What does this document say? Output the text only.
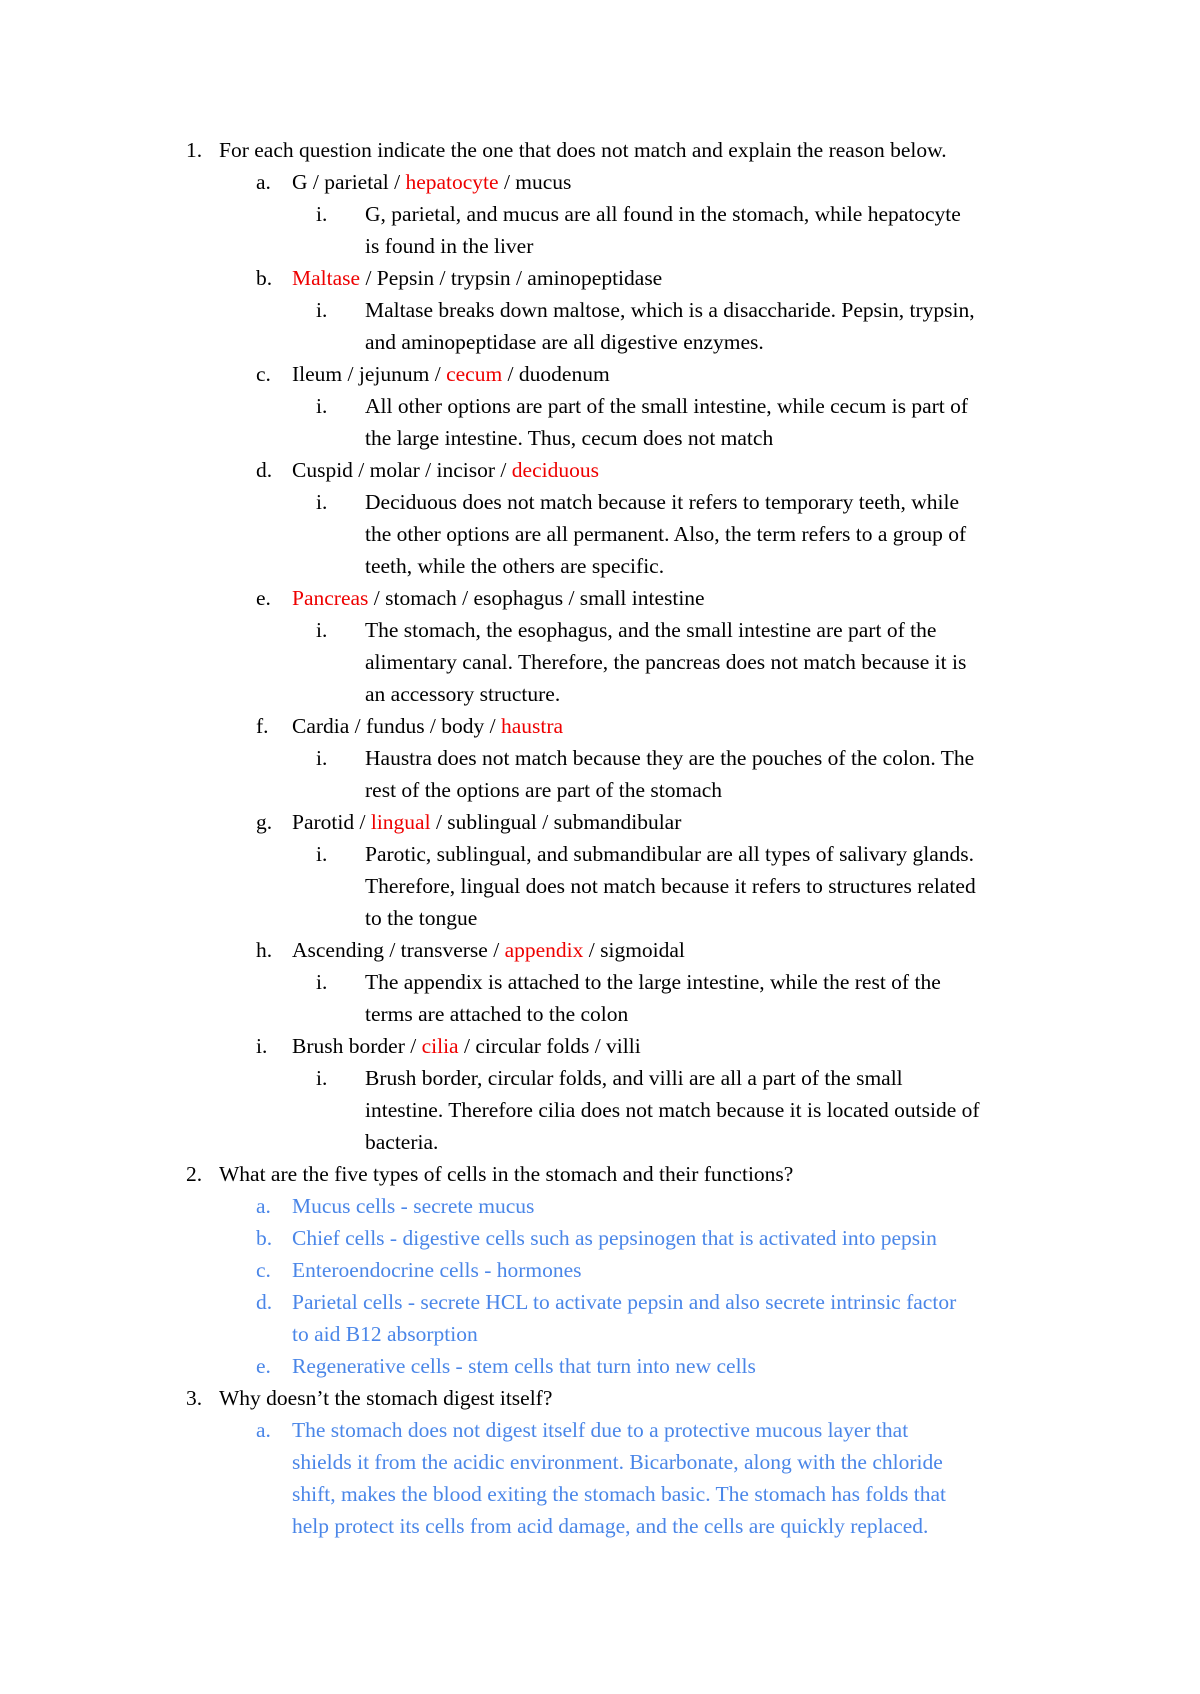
1. For each question indicate the one that does not match and explain the reason below.
a. G / parietal / hepatocyte / mucus
i. G, parietal, and mucus are all found in the stomach, while hepatocyte
is found in the liver
b. Maltase / Pepsin / trypsin / aminopeptidase
i. Maltase breaks down maltose, which is a disaccharide. Pepsin, trypsin,
and aminopeptidase are all digestive enzymes.
c. Ileum / jejunum / cecum / duodenum
i. All other options are part of the small intestine, while cecum is part of
the large intestine. Thus, cecum does not match
d. Cuspid / molar / incisor / deciduous
i. Deciduous does not match because it refers to temporary teeth, while
the other options are all permanent. Also, the term refers to a group of
teeth, while the others are specific.
e. Pancreas / stomach / esophagus / small intestine
i. The stomach, the esophagus, and the small intestine are part of the
alimentary canal. Therefore, the pancreas does not match because it is
an accessory structure.
f. Cardia / fundus / body / haustra
i. Haustra does not match because they are the pouches of the colon. The
rest of the options are part of the stomach
g. Parotid / lingual / sublingual / submandibular
i. Parotic, sublingual, and submandibular are all types of salivary glands.
Therefore, lingual does not match because it refers to structures related
to the tongue
h. Ascending / transverse / appendix / sigmoidal
i. The appendix is attached to the large intestine, while the rest of the
terms are attached to the colon
i. Brush border / cilia / circular folds / villi
i. Brush border, circular folds, and villi are all a part of the small
intestine. Therefore cilia does not match because it is located outside of
bacteria.
2. What are the five types of cells in the stomach and their functions?
a. Mucus cells - secrete mucus
b. Chief cells - digestive cells such as pepsinogen that is activated into pepsin
c. Enteroendocrine cells - hormones
d. Parietal cells - secrete HCL to activate pepsin and also secrete intrinsic factor
to aid B12 absorption
e. Regenerative cells - stem cells that turn into new cells
3. Why doesn’t the stomach digest itself?
a. The stomach does not digest itself due to a protective mucous layer that
shields it from the acidic environment. Bicarbonate, along with the chloride
shift, makes the blood exiting the stomach basic. The stomach has folds that
help protect its cells from acid damage, and the cells are quickly replaced.
